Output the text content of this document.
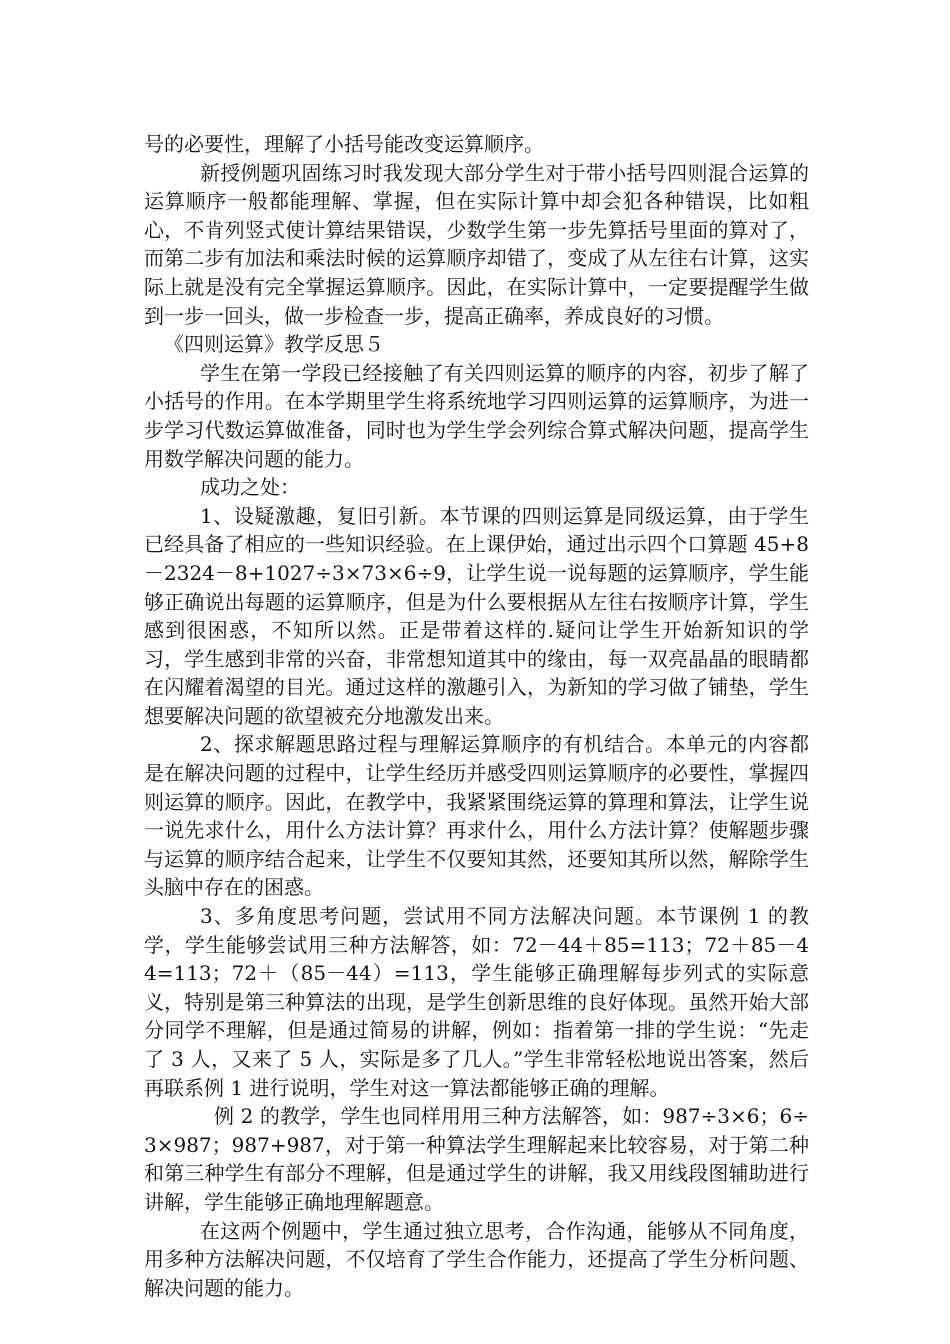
号的必要性，理解了小括号能改变运算顺序。

新授例题巩固练习时我发现大部分学生对于带小括号四则混合运算的运算顺序一般都能理解、掌握，但在实际计算中却会犯各种错误，比如粗心，不肯列竖式使计算结果错误，少数学生第一步先算括号里面的算对了，而第二步有加法和乘法时候的运算顺序却错了，变成了从左往右计算，这实际上就是没有完全掌握运算顺序。因此，在实际计算中，一定要提醒学生做到一步一回头，做一步检查一步，提高正确率，养成良好的习惯。

《四则运算》教学反思５

学生在第一学段已经接触了有关四则运算的顺序的内容，初步了解了小括号的作用。在本学期里学生将系统地学习四则运算的运算顺序，为进一步学习代数运算做准备，同时也为学生学会列综合算式解决问题，提高学生用数学解决问题的能力。

成功之处：

1、设疑激趣，复旧引新。本节课的四则运算是同级运算，由于学生已经具备了相应的一些知识经验。在上课伊始，通过出示四个口算题 45+8－2324－8+1027÷3×73×6÷9，让学生说一说每题的运算顺序，学生能够正确说出每题的运算顺序，但是为什么要根据从左往右按顺序计算，学生感到很困惑，不知所以然。正是带着这样的.疑问让学生开始新知识的学习，学生感到非常的兴奋，非常想知道其中的缘由，每一双亮晶晶的眼睛都在闪耀着渴望的目光。通过这样的激趣引入，为新知的学习做了铺垫，学生想要解决问题的欲望被充分地激发出来。

2、探求解题思路过程与理解运算顺序的有机结合。本单元的内容都是在解决问题的过程中，让学生经历并感受四则运算顺序的必要性，掌握四则运算的顺序。因此，在教学中，我紧紧围绕运算的算理和算法，让学生说一说先求什么，用什么方法计算？再求什么，用什么方法计算？使解题步骤与运算的顺序结合起来，让学生不仅要知其然，还要知其所以然，解除学生头脑中存在的困惑。

3、多角度思考问题，尝试用不同方法解决问题。本节课例 1 的教学，学生能够尝试用三种方法解答，如：72－44＋85=113；72＋85－44=113；72＋（85－44）=113，学生能够正确理解每步列式的实际意义，特别是第三种算法的出现，是学生创新思维的良好体现。虽然开始大部分同学不理解，但是通过简易的讲解，例如：指着第一排的学生说：“先走了 3 人，又来了 5 人，实际是多了几人。”学生非常轻松地说出答案，然后再联系例 1 进行说明，学生对这一算法都能够正确的理解。

例 2 的教学，学生也同样用用三种方法解答，如：987÷3×6；6÷3×987；987+987，对于第一种算法学生理解起来比较容易，对于第二种和第三种学生有部分不理解，但是通过学生的讲解，我又用线段图辅助进行讲解，学生能够正确地理解题意。

在这两个例题中，学生通过独立思考，合作沟通，能够从不同角度，用多种方法解决问题，不仅培育了学生合作能力，还提高了学生分析问题、解决问题的能力。
